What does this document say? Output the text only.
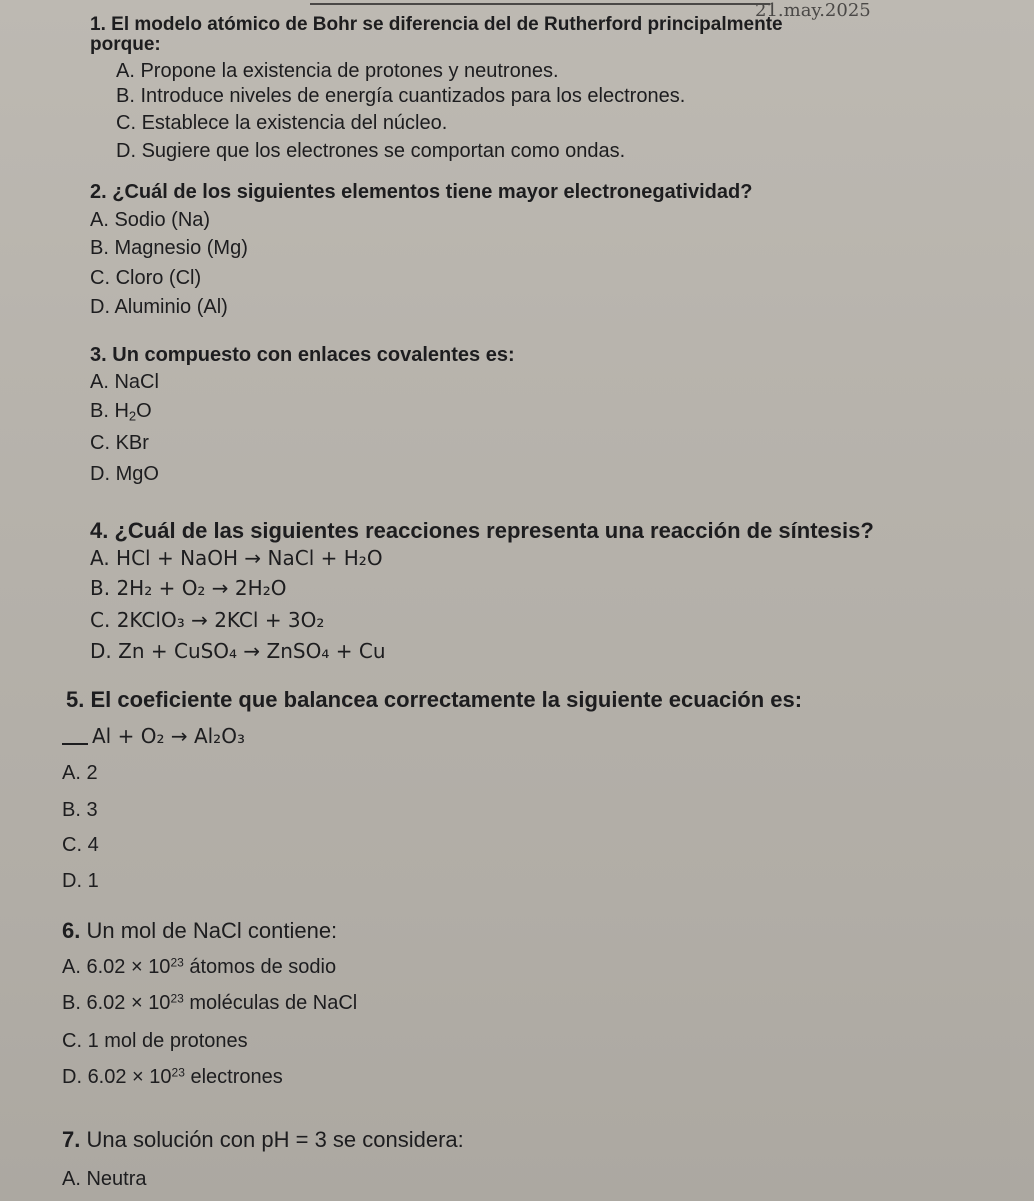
21.may.2025
1. El modelo atómico de Bohr se diferencia del de Rutherford principalmente
porque:
A. Propone la existencia de protones y neutrones.
B. Introduce niveles de energía cuantizados para los electrones.
C. Establece la existencia del núcleo.
D. Sugiere que los electrones se comportan como ondas.
2. ¿Cuál de los siguientes elementos tiene mayor electronegatividad?
A. Sodio (Na)
B. Magnesio (Mg)
C. Cloro (Cl)
D. Aluminio (Al)
3. Un compuesto con enlaces covalentes es:
A. NaCl
B. $H_2O$
C. KBr
D. MgO
4. ¿Cuál de las siguientes reacciones representa una reacción de síntesis?
A. HCl + NaOH → NaCl + H₂O
B. 2H₂ + O₂ → 2H₂O
C. 2KClO₃ → 2KCl + 3O₂
D. Zn + CuSO₄ → ZnSO₄ + Cu
5. El coeficiente que balancea correctamente la siguiente ecuación es:
Al + O₂ → Al₂O₃
A. 2
B. 3
C. 4
D. 1
6. Un mol de NaCl contiene:
A. $6.02 \times 10^{23}$ átomos de sodio
B. $6.02 \times 10^{23}$ moléculas de NaCl
C. 1 mol de protones
D. $6.02 \times 10^{23}$ electrones
7. Una solución con pH = 3 se considera:
A. Neutra
